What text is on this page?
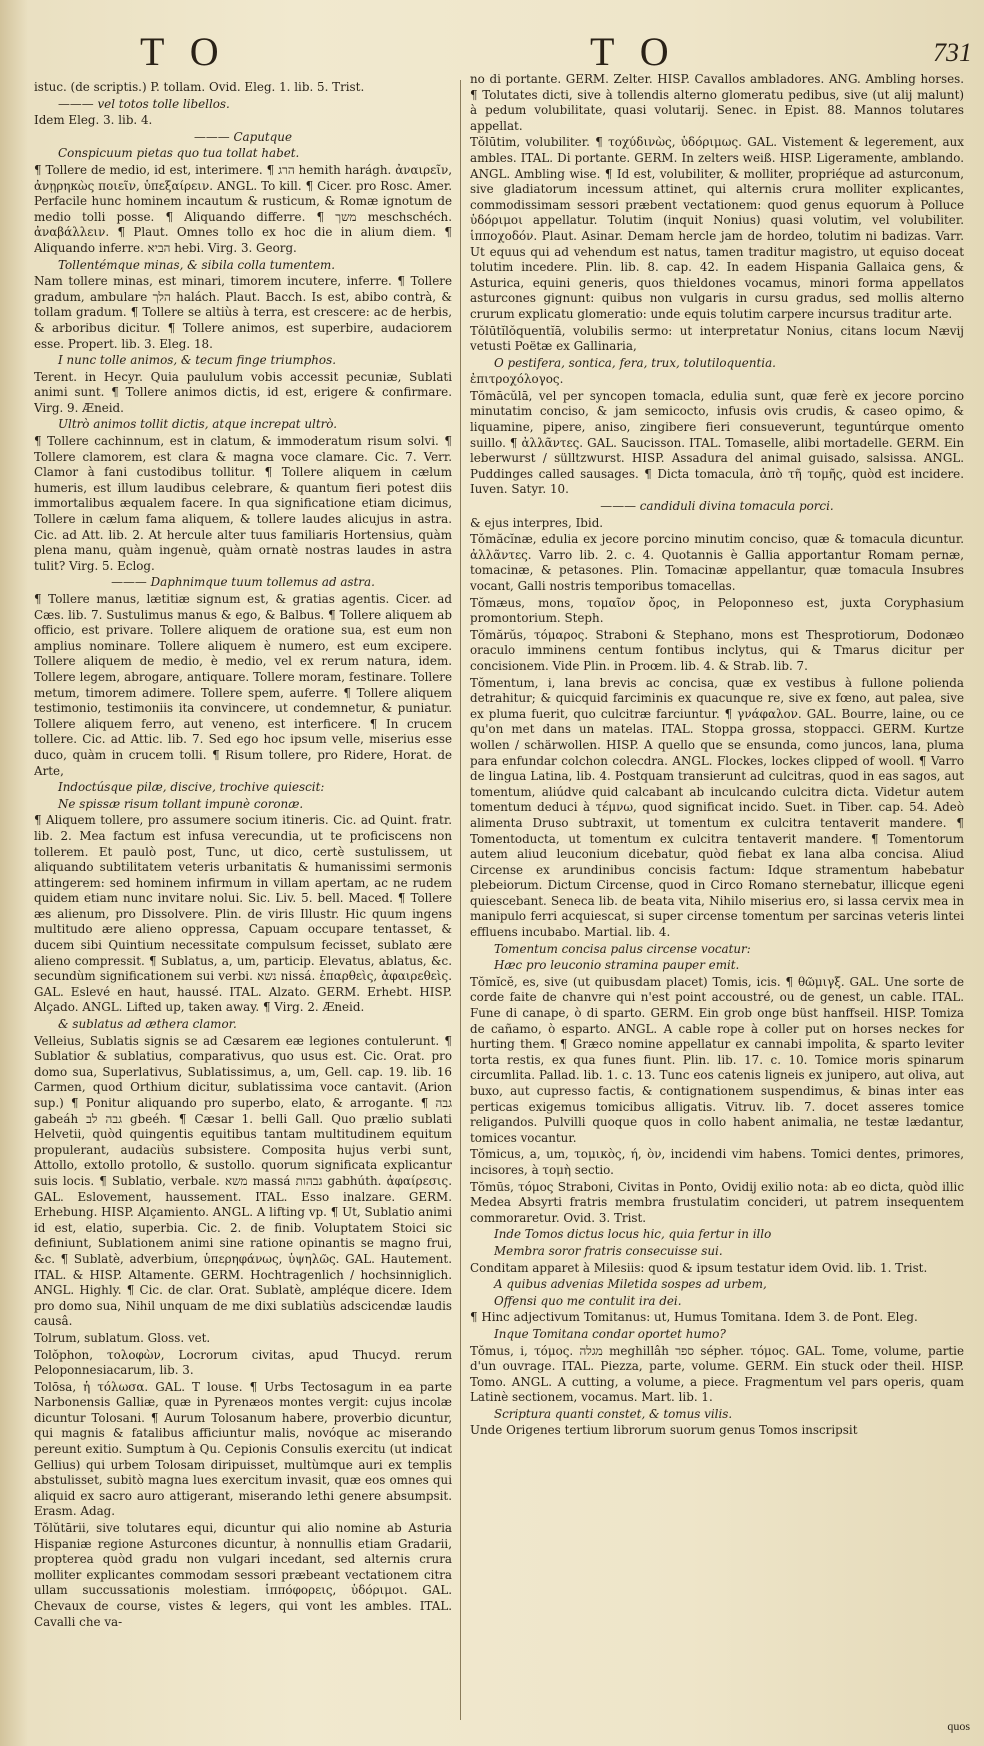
TO	TO	731

istuc. (de scriptis.) P. tollam. Ovid. Eleg. 1. lib. 5. Trist.

——— vel totos tolle libellos.

Idem Eleg. 3. lib. 4.

——— Caputque

Conspicuum pietas quo tua tollat habet.

¶ Tollere de medio, id est, interimere. ¶ הרג hemith harágh. ἀναιρεῖν, ἀνῃρηκὼς ποιεῖν, ὑπεξαίρειν. ANGL. To kill. ¶ Cicer. pro Rosc. Amer. Perfacile hunc hominem incautum & rusticum, & Romæ ignotum de medio tolli posse. ¶ Aliquando differre. ¶ משך meschschéch. ἀναβάλλειν. ¶ Plaut. Omnes tollo ex hoc die in alium diem. ¶ Aliquando inferre. הביא hebi. Virg. 3. Georg.

Tollentémque minas, & sibila colla tumentem.

Nam tollere minas, est minari, timorem incutere, inferre. ¶ Tollere gradum, ambulare הלך halách. Plaut. Bacch. Is est, abibo contrà, & tollam gradum. ¶ Tollere se altiùs à terra, est crescere: ac de herbis, & arboribus dicitur. ¶ Tollere animos, est superbire, audaciorem esse. Propert. lib. 3. Eleg. 18.

I nunc tolle animos, & tecum finge triumphos.

Terent. in Hecyr. Quia paululum vobis accessit pecuniæ, Sublati animi sunt. ¶ Tollere animos dictis, id est, erigere & confirmare. Virg. 9. Æneid.

Ultrò animos tollit dictis, atque increpat ultrò.

¶ Tollere cachinnum, est in clatum, & immoderatum risum solvi. ¶ Tollere clamorem, est clara & magna voce clamare. Cic. 7. Verr. Clamor à fani custodibus tollitur. ¶ Tollere aliquem in cælum humeris, est illum laudibus celebrare, & quantum fieri potest diis immortalibus æqualem facere. In qua significatione etiam dicimus, Tollere in cælum fama aliquem, & tollere laudes alicujus in astra. Cic. ad Att. lib. 2. At hercule alter tuus familiaris Hortensius, quàm plena manu, quàm ingenuè, quàm ornatè nostras laudes in astra tulit? Virg. 5. Eclog.

——— Daphnimque tuum tollemus ad astra.

¶ Tollere manus, lætitiæ signum est, & gratias agentis. Cicer. ad Cæs. lib. 7. Sustulimus manus & ego, & Balbus. ¶ Tollere aliquem ab officio, est privare. Tollere aliquem de oratione sua, est eum non amplius nominare. Tollere aliquem è numero, est eum excipere. Tollere aliquem de medio, è medio, vel ex rerum natura, idem. Tollere legem, abrogare, antiquare. Tollere moram, festinare. Tollere metum, timorem adimere. Tollere spem, auferre. ¶ Tollere aliquem testimonio, testimoniis ita convincere, ut condemnetur, & puniatur. Tollere aliquem ferro, aut veneno, est interficere. ¶ In crucem tollere. Cic. ad Attic. lib. 7. Sed ego hoc ipsum velle, miserius esse duco, quàm in crucem tolli. ¶ Risum tollere, pro Ridere, Horat. de Arte,

Indoctúsque pilæ, discive, trochive quiescit:

Ne spissæ risum tollant impunè coronæ.

¶ Aliquem tollere, pro assumere socium itineris. Cic. ad Quint. fratr. lib. 2. Mea factum est infusa verecundia, ut te proficiscens non tollerem. Et paulò post, Tunc, ut dico, certè sustulissem, ut aliquando subtilitatem veteris urbanitatis & humanissimi sermonis attingerem: sed hominem infirmum in villam apertam, ac ne rudem quidem etiam nunc invitare nolui. Sic. Liv. 5. bell. Maced. ¶ Tollere æs alienum, pro Dissolvere. Plin. de viris Illustr. Hic quum ingens multitudo ære alieno oppressa, Capuam occupare tentasset, & ducem sibi Quintium necessitate compulsum fecisset, sublato ære alieno compressit. ¶ Sublatus, a, um, particip. Elevatus, ablatus, &c. secundùm significationem sui verbi. נשא nissá. ἐπαρθεὶς, ἀφαιρεθεὶς. GAL. Eslevé en haut, haussé. ITAL. Alzato. GERM. Erhebt. HISP. Alçado. ANGL. Lifted up, taken away. ¶ Virg. 2. Æneid.

& sublatus ad æthera clamor.

Velleius, Sublatis signis se ad Cæsarem eæ legiones contulerunt. ¶ Sublatior & sublatius, comparativus, quo usus est. Cic. Orat. pro domo sua, Superlativus, Sublatissimus, a, um, Gell. cap. 19. lib. 16 Carmen, quod Orthium dicitur, sublatissima voce cantavit. (Arion sup.) ¶ Ponitur aliquando pro superbo, elato, & arrogante. ¶ גבה gabeáh גבה לב gbeéh. ¶ Cæsar 1. belli Gall. Quo prælio sublati Helvetii, quòd quingentis equitibus tantam multitudinem equitum propulerant, audaciùs subsistere. Composita hujus verbi sunt, Attollo, extollo protollo, & sustollo. quorum significata explicantur suis locis. ¶ Sublatio, verbale. משא massá גבהות gabhúth. ἀφαίρεσις. GAL. Eslovement, haussement. ITAL. Esso inalzare. GERM. Erhebung. HISP. Alçamiento. ANGL. A lifting vp. ¶ Ut, Sublatio animi id est, elatio, superbia. Cic. 2. de finib. Voluptatem Stoici sic definiunt, Sublationem animi sine ratione opinantis se magno frui, &c. ¶ Sublatè, adverbium, ὑπερηφάνως, ὑψηλῶς. GAL. Hautement. ITAL. & HISP. Altamente. GERM. Hochtragenlich / hochsinniglich. ANGL. Highly. ¶ Cic. de clar. Orat. Sublatè, ampléque dicere. Idem pro domo sua, Nihil unquam de me dixi sublatiùs adscicendæ laudis causâ.

Tolrum, sublatum. Gloss. vet.

Tolŏphon, τολοφὼν, Locrorum civitas, apud Thucyd. rerum Peloponnesiacarum, lib. 3.

Tolōsa, ἡ τόλωσα. GAL. T louse. ¶ Urbs Tectosagum in ea parte Narbonensis Galliæ, quæ in Pyrenæos montes vergit: cujus incolæ dicuntur Tolosani. ¶ Aurum Tolosanum habere, proverbio dicuntur, qui magnis & fatalibus afficiuntur malis, novóque ac miserando pereunt exitio. Sumptum à Qu. Cepionis Consulis exercitu (ut indicat Gellius) qui urbem Tolosam diripuisset, multùmque auri ex templis abstulisset, subitò magna lues exercitum invasit, quæ eos omnes qui aliquid ex sacro auro attigerant, miserando lethi genere absumpsit. Erasm. Adag.

Tŏlŭtārii, sive tolutares equi, dicuntur qui alio nomine ab Asturia Hispaniæ regione Asturcones dicuntur, à nonnullis etiam Gradarii, propterea quòd gradu non vulgari incedant, sed alternis crura molliter explicantes commodam sessori præbeant vectationem citra ullam succussationis molestiam. ἱππόφορεις, ὑδόριμοι. GAL. Chevaux de course, vistes & legers, qui vont les ambles. ITAL. Cavalli che va-

no di portante. GERM. Zelter. HISP. Cavallos ambladores. ANG. Ambling horses. ¶ Tolutates dicti, sive à tollendis alterno glomeratu pedibus, sive (ut alij malunt) à pedum volubilitate, quasi volutarij. Senec. in Epist. 88. Mannos tolutares appellat.

Tŏlūtim, volubiliter. ¶ τοχύδινὼς, ὑδόριμως. GAL. Vistement & legerement, aux ambles. ITAL. Di portante. GERM. In zelters weiß. HISP. Ligeramente, amblando. ANGL. Ambling wise. ¶ Id est, volubiliter, & molliter, propriéque ad asturconum, sive gladiatorum incessum attinet, qui alternis crura molliter explicantes, commodissimam sessori præbent vectationem: quod genus equorum à Polluce ὑδόριμοι appellatur. Tolutim (inquit Nonius) quasi volutim, vel volubiliter. ἱπποχοδόν. Plaut. Asinar. Demam hercle jam de hordeo, tolutim ni badizas. Varr. Ut equus qui ad vehendum est natus, tamen traditur magistro, ut equiso doceat tolutim incedere. Plin. lib. 8. cap. 42. In eadem Hispania Gallaica gens, & Asturica, equini generis, quos thieldones vocamus, minori forma appellatos asturcones gignunt: quibus non vulgaris in cursu gradus, sed mollis alterno crurum explicatu glomeratio: unde equis tolutim carpere incursus traditur arte.

Tŏlūtĭlŏquentĭā, volubilis sermo: ut interpretatur Nonius, citans locum Nævij vetusti Poëtæ ex Gallinaria,

O pestifera, sontica, fera, trux, tolutiloquentia.

ἐπιτροχόλογος.

Tŏmācŭlā, vel per syncopen tomacla, edulia sunt, quæ ferè ex jecore porcino minutatim conciso, & jam semicocto, infusis ovis crudis, & caseo opimo, & liquamine, pipere, aniso, zingibere fieri consueverunt, teguntúrque omento suillo. ¶ ἀλλᾶντες. GAL. Saucisson. ITAL. Tomaselle, alibi mortadelle. GERM. Ein leberwurst / sülltzwurst. HISP. Assadura del animal guisado, salsissa. ANGL. Puddinges called sausages. ¶ Dicta tomacula, ἀπὸ τῆ τομῆς, quòd est incidere. Iuven. Satyr. 10.

——— candiduli divina tomacula porci.

& ejus interpres, Ibid.

Tŏmăcĭnæ, edulia ex jecore porcino minutim conciso, quæ & tomacula dicuntur. ἀλλᾶντες. Varro lib. 2. c. 4. Quotannis è Gallia apportantur Romam pernæ, tomacinæ, & petasones. Plin. Tomacinæ appellantur, quæ tomacula Insubres vocant, Galli nostris temporibus tomacellas.

Tŏmæus, mons, τομαῖον ὄρος, in Peloponneso est, juxta Coryphasium promontorium. Steph.

Tŏmărŭs, τόμαρος. Straboni & Stephano, mons est Thesprotiorum, Dodonæo oraculo imminens centum fontibus inclytus, qui & Tmarus dicitur per concisionem. Vide Plin. in Proœm. lib. 4. & Strab. lib. 7.

Tŏmentum, i, lana brevis ac concisa, quæ ex vestibus à fullone polienda detrahitur; & quicquid farciminis ex quacunque re, sive ex fœno, aut palea, sive ex pluma fuerit, quo culcitræ farciuntur. ¶ γνάφαλον. GAL. Bourre, laine, ou ce qu'on met dans un matelas. ITAL. Stoppa grossa, stoppacci. GERM. Kurtze wollen / schärwollen. HISP. A quello que se ensunda, como juncos, lana, pluma para enfundar colchon colecdra. ANGL. Flockes, lockes clipped of wooll. ¶ Varro de lingua Latina, lib. 4. Postquam transierunt ad culcitras, quod in eas sagos, aut tomentum, aliúdve quid calcabant ab inculcando culcitra dicta. Videtur autem tomentum deduci à τέμνω, quod significat incido. Suet. in Tiber. cap. 54. Adeò alimenta Druso subtraxit, ut tomentum ex culcitra tentaverit mandere. ¶ Tomentoducta, ut tomentum ex culcitra tentaverit mandere. ¶ Tomentorum autem aliud leuconium dicebatur, quòd fiebat ex lana alba concisa. Aliud Circense ex arundinibus concisis factum: Idque stramentum habebatur plebeiorum. Dictum Circense, quod in Circo Romano sternebatur, illicque egeni quiescebant. Seneca lib. de beata vita, Nihilo miserius ero, si lassa cervix mea in manipulo ferri acquiescat, si super circense tomentum per sarcinas veteris lintei effluens incubabo. Martial. lib. 4.

Tomentum concisa palus circense vocatur:

Hæc pro leuconio stramina pauper emit.

Tŏmĭcĕ, es, sive (ut quibusdam placet) Tomis, icis. ¶ θῶμιγξ. GAL. Une sorte de corde faite de chanvre qui n'est point accoustré, ou de genest, un cable. ITAL. Fune di canape, ò di sparto. GERM. Ein grob onge büst hanffseil. HISP. Tomiza de cañamo, ò esparto. ANGL. A cable rope à coller put on horses neckes for hurting them. ¶ Græco nomine appellatur ex cannabi impolita, & sparto leviter torta restis, ex qua funes fiunt. Plin. lib. 17. c. 10. Tomice moris spinarum circumlita. Pallad. lib. 1. c. 13. Tunc eos catenis ligneis ex junipero, aut oliva, aut buxo, aut cupresso factis, & contignationem suspendimus, & binas inter eas perticas exigemus tomicibus alligatis. Vitruv. lib. 7. docet asseres tomice religandos. Pulvilli quoque quos in collo habent animalia, ne testæ lædantur, tomices vocantur.

Tŏmicus, a, um, τομικὸς, ή, ὸν, incidendi vim habens. Tomici dentes, primores, incisores, à τομὴ sectio.

Tŏmūs, τόμος Straboni, Civitas in Ponto, Ovidij exilio nota: ab eo dicta, quòd illic Medea Absyrti fratris membra frustulatim concideri, ut patrem insequentem commoraretur. Ovid. 3. Trist.

Inde Tomos dictus locus hic, quia fertur in illo

Membra soror fratris consecuisse sui.

Conditam apparet à Milesiis: quod & ipsum testatur idem Ovid. lib. 1. Trist.

A quibus advenias Miletida sospes ad urbem,

Offensi quo me contulit ira dei.

¶ Hinc adjectivum Tomitanus: ut, Humus Tomitana. Idem 3. de Pont. Eleg.

Inque Tomitana condar oportet humo?

Tŏmus, i, τόμος. מגלה meghillâh ספר sépher. τόμος. GAL. Tome, volume, partie d'un ouvrage. ITAL. Piezza, parte, volume. GERM. Ein stuck oder theil. HISP. Tomo. ANGL. A cutting, a volume, a piece. Fragmentum vel pars operis, quam Latinè sectionem, vocamus. Mart. lib. 1.

Scriptura quanti constet, & tomus vilis.

Unde Origenes tertium librorum suorum genus Tomos inscripsit

quos
